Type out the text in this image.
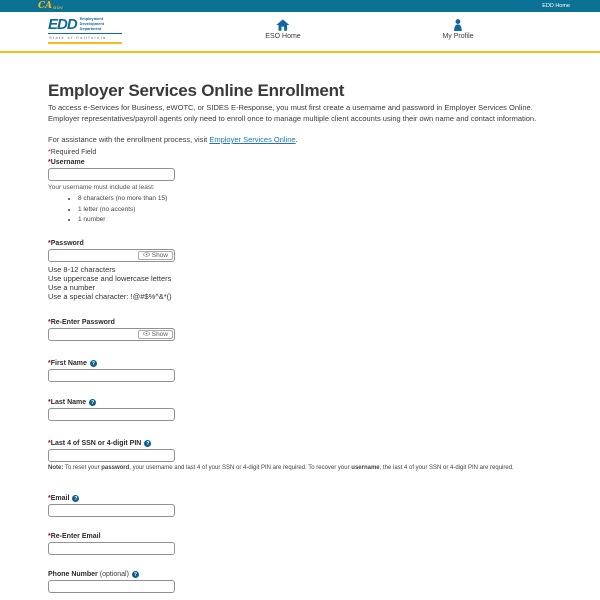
CA GOV	EDD Home
EDD Employment
Development
Department
State of California	ESO Home	My Profile
Employer Services Online Enrollment

To access e-Services for Business, eWOTC, or SIDES E-Response, you must first create a username and password in Employer Services Online. Employer representatives/payroll agents only need to enroll once to manage multiple client accounts using their own name and contact information.

For assistance with the enrollment process, visit Employer Services Online.

*Required Field
*Username
Your username must include at least:
• 8 characters (no more than 15)
• 1 letter (no accents)
• 1 number
*Password
Show
Use 8-12 characters
Use uppercase and lowercase letters
Use a number
Use a special character: !@#$%^&*()
*Re-Enter Password
Show
*First Name ?
*Last Name ?
*Last 4 of SSN or 4-digit PIN ?
Note: To reset your password, your username and last 4 of your SSN or 4-digit PIN are required. To recover your username, the last 4 of your SSN or 4-digit PIN are required.
*Email ?
*Re-Enter Email
Phone Number (optional) ?
